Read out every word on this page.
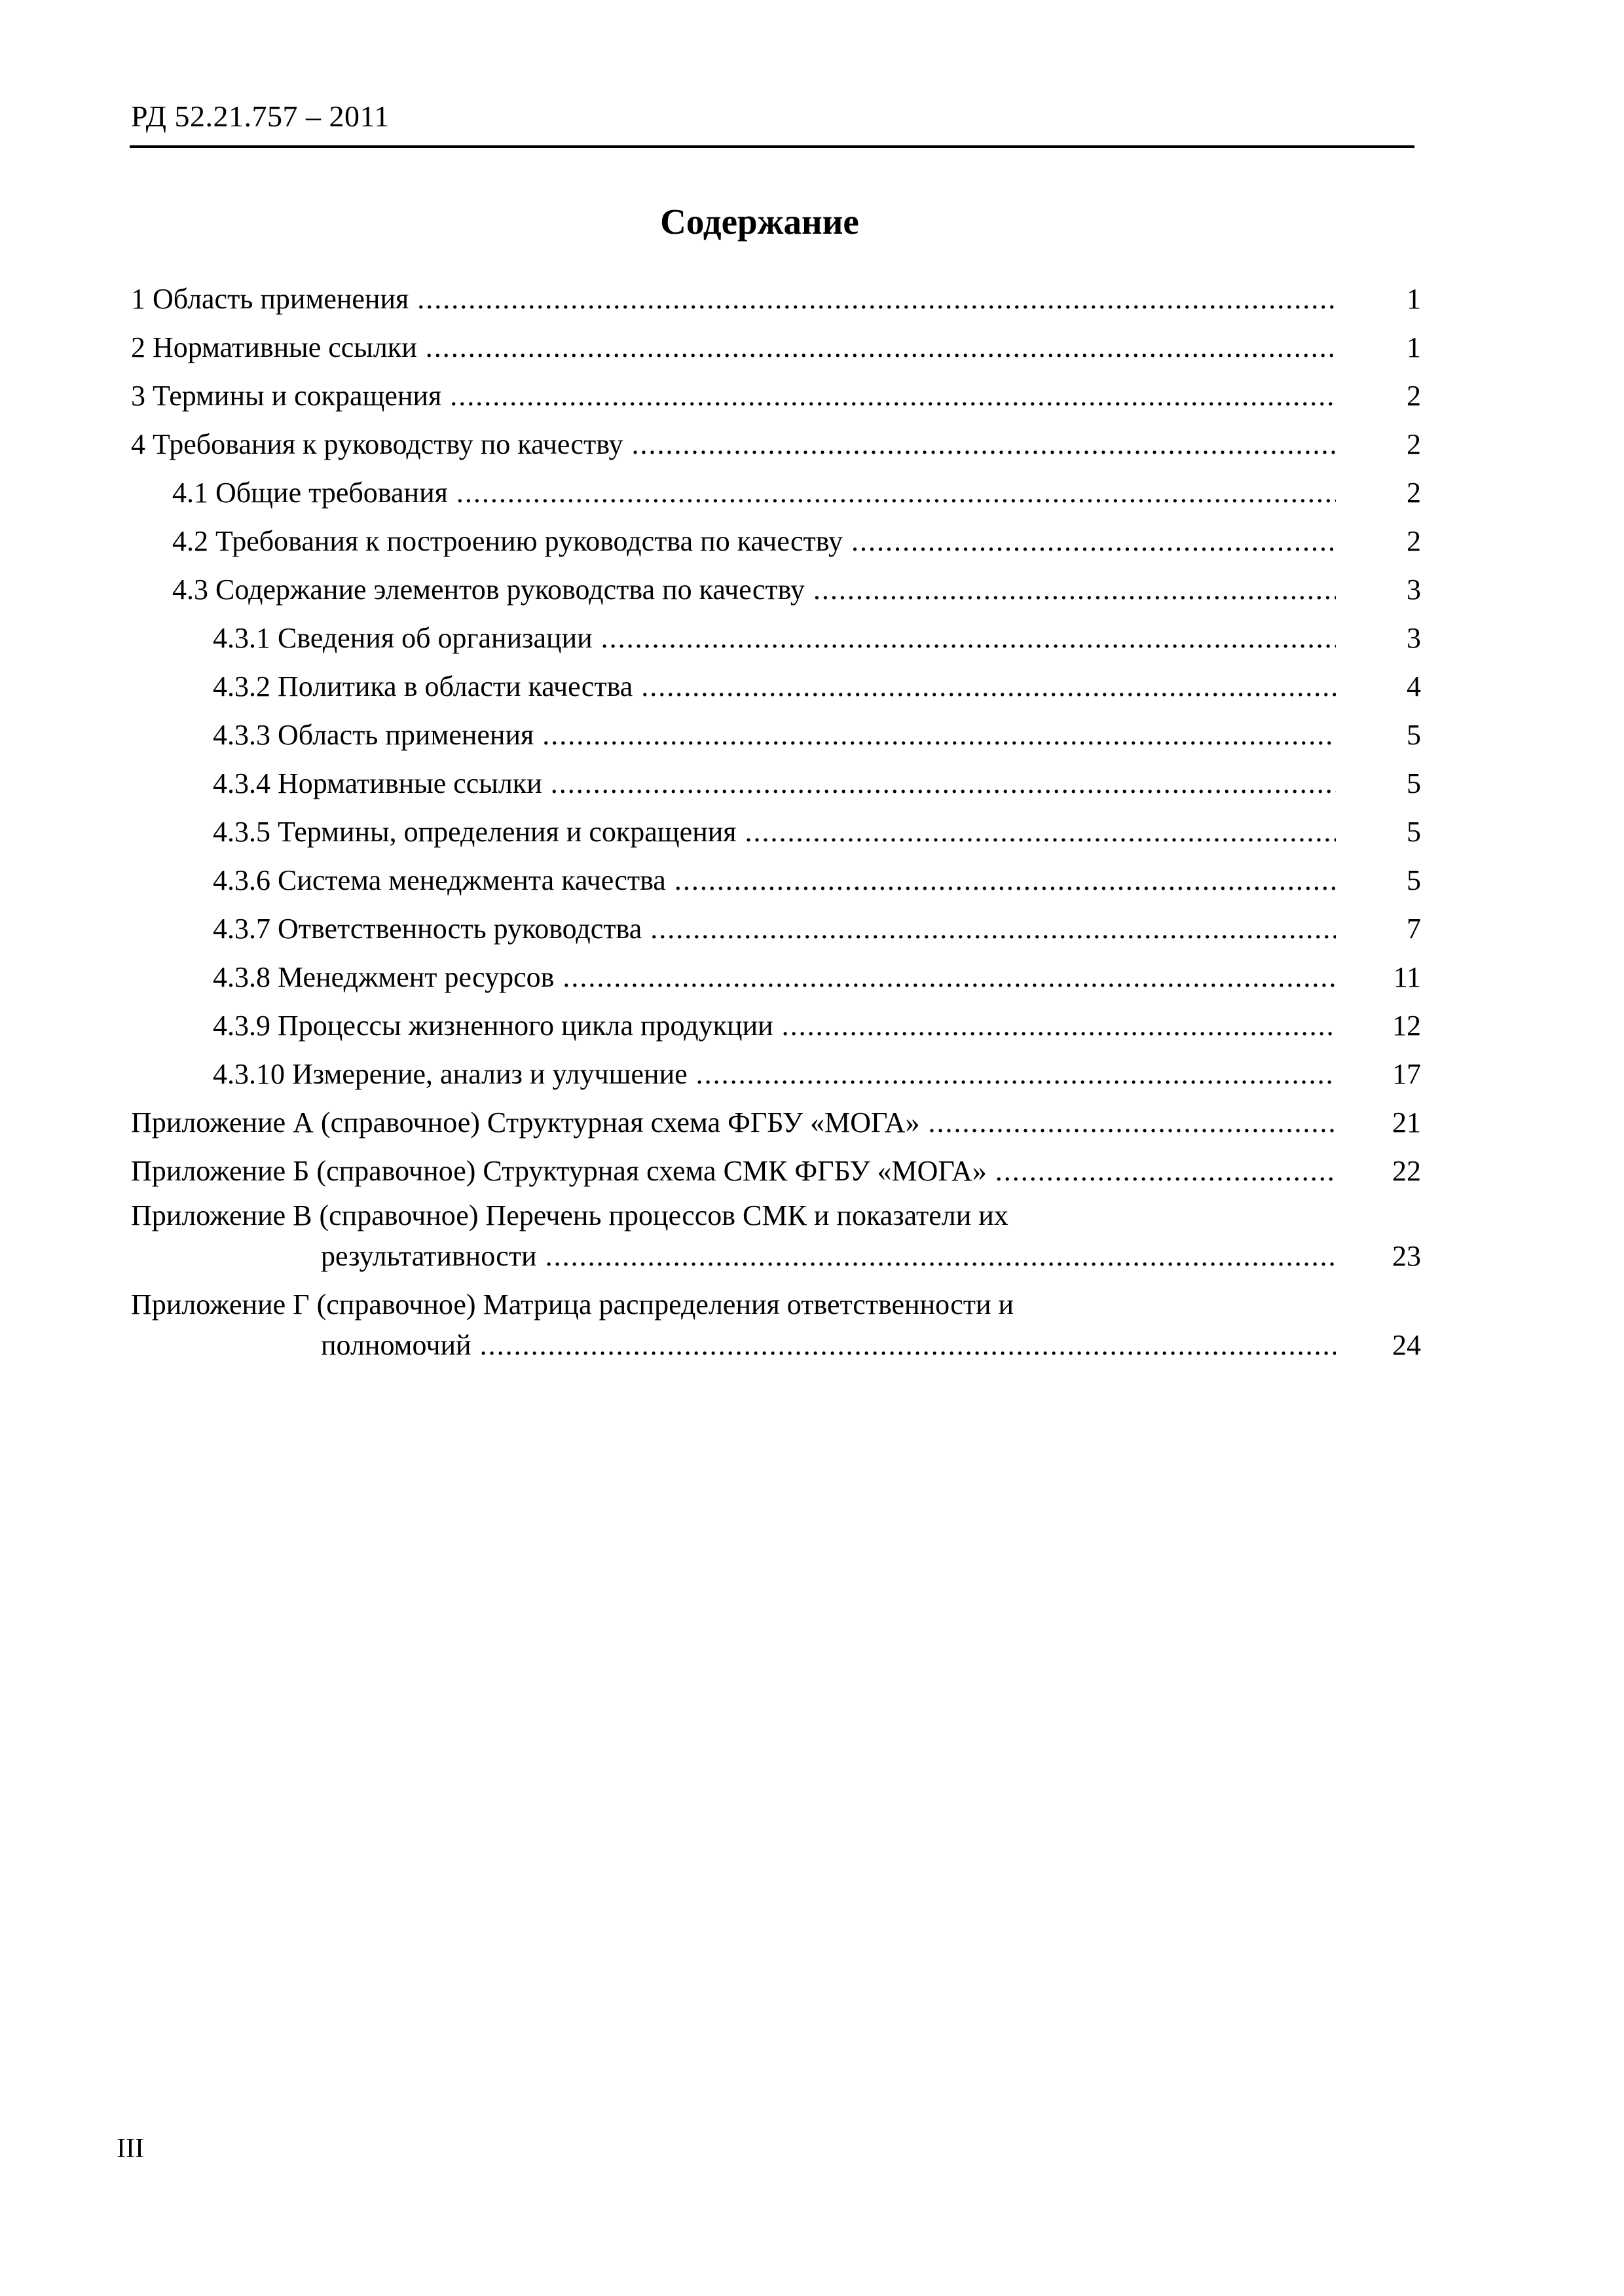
РД 52.21.757 – 2011
Содержание
1 Область применения .....	1
2 Нормативные ссылки .....	1
3 Термины и сокращения .....	2
4 Требования к руководству по качеству .....	2
4.1 Общие требования .....	2
4.2 Требования к построению руководства по качеству .....	2
4.3 Содержание элементов руководства по качеству .....	3
4.3.1 Сведения об организации .....	3
4.3.2 Политика в области качества .....	4
4.3.3 Область применения .....	5
4.3.4 Нормативные ссылки .....	5
4.3.5 Термины, определения и сокращения .....	5
4.3.6 Система менеджмента качества .....	5
4.3.7 Ответственность руководства .....	7
4.3.8 Менеджмент ресурсов .....	11
4.3.9 Процессы жизненного цикла продукции .....	12
4.3.10 Измерение, анализ и улучшение .....	17
Приложение А (справочное) Структурная схема ФГБУ «МОГА» .....	21
Приложение Б (справочное) Структурная схема СМК ФГБУ «МОГА» .....	22
Приложение В (справочное) Перечень процессов СМК и показатели их
результативности .....	23
Приложение Г (справочное) Матрица распределения ответственности и
полномочий .....	24
III
